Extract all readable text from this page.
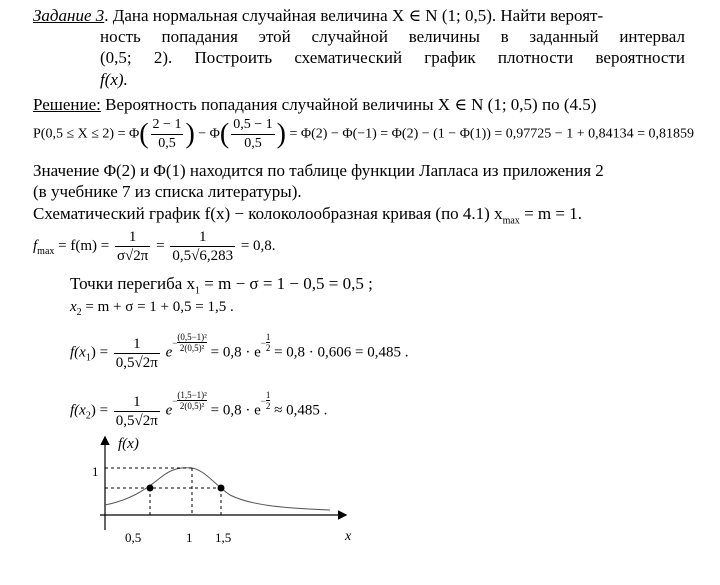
Задание 3. Дана нормальная случайная величина X ∈ N (1; 0,5). Найти вероят-
ность попадания этой случайной величины в заданный интервал
(0,5; 2). Построить схематический график плотности вероятности
f(x).
Решение: Вероятность попадания случайной величины X ∈ N (1; 0,5) по (4.5)
$P(0,5 \le X \le 2) = \Phi( \frac{2 - 1}{0,5}$ ) − $\Phi( \frac{0,5 - 1}{0,5}$ ) = Φ(2) − Φ(−1) = Φ(2) − (1 − Φ(1)) = 0,97725 − 1 + 0,84134 = 0,81859
Значение Φ(2) и Φ(1) находится по таблице функции Лапласа из приложения 2
(в учебнике 7 из списка литературы).
Схематический график f(x) − колоколообразная кривая (по 4.1) $x_{max} = m = 1$.
$f_{max} = f(m) = \frac{1}{\sigma√2\pi} = \frac{1}{0,5√6,283} = 0,8$.
Точки перегиба $x_1 = m - \sigma = 1 - 0,5 = 0,5$ ;
$x_2 = m + \sigma = 1 + 0,5 = 1,5$ .
$f(x_1) = \frac{1}{0,5√2\pi} e- \frac{\text{(0,5−1)²}}{\text{2(0,5)²}} = 0,8 \cdot e- \frac{1}{2} = 0,8 \cdot 0,606 = 0,485$ .
$f(x_2) = \frac{1}{0,5√2\pi} e- \frac{\text{(1,5−1)²}}{\text{2(0,5)²}} = 0,8 \cdot e- \frac{1}{2} \approx 0,485$ .
f(x)
1
0,5	1 1,5	x
